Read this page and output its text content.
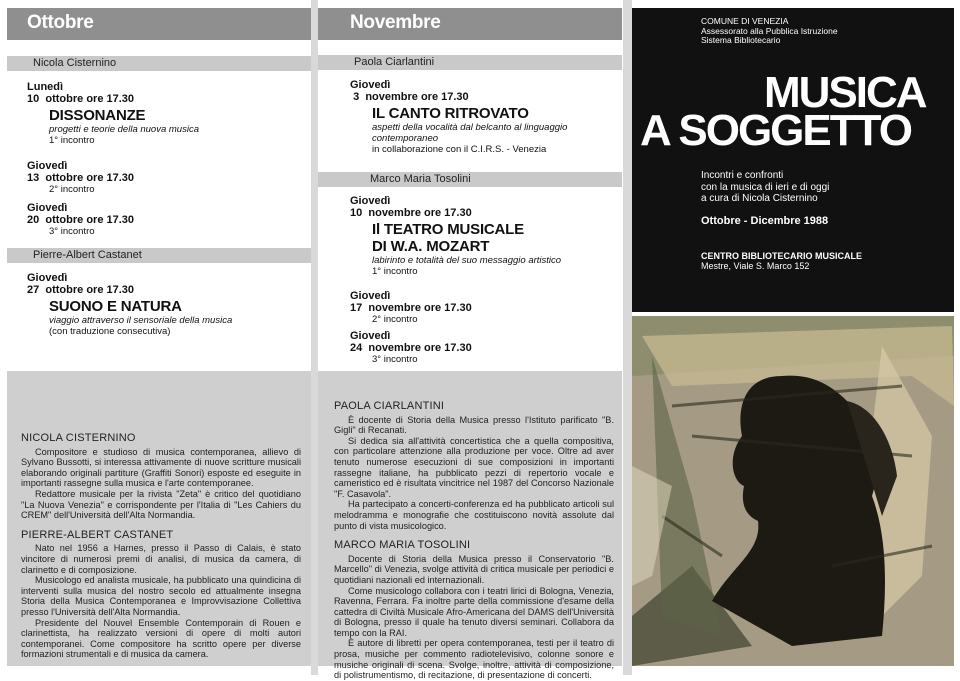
Ottobre
Nicola Cisternino
Lunedì
10 ottobre ore 17.30
DISSONANZE
progetti e teorie della nuova musica
1° incontro
Giovedì
13 ottobre ore 17.30
2° incontro
Giovedì
20 ottobre ore 17.30
3° incontro
Pierre-Albert Castanet
Giovedì
27 ottobre ore 17.30
SUONO E NATURA
viaggio attraverso il sensoriale della musica
(con traduzione consecutiva)
NICOLA CISTERNINO

Compositore e studioso di musica contemporanea, allievo di Sylvano Bussotti, si interessa attivamente di nuove scritture musicali elaborando originali partiture (Graffiti Sonori) esposte ed eseguite in importanti rassegne sulla musica e l'arte contemporanee.

Redattore musicale per la rivista "Zeta" è critico del quotidiano "La Nuova Venezia" e corrispondente per l'Italia di "Les Cahiers du CREM" dell'Università dell'Alta Normandia.

PIERRE-ALBERT CASTANET

Nato nel 1956 a Harnes, presso il Passo di Calais, è stato vincitore di numerosi premi di analisi, di musica da camera, di clarinetto e di composizione.

Musicologo ed analista musicale, ha pubblicato una quindicina di interventi sulla musica del nostro secolo ed attualmente insegna Storia della Musica Contemporanea e Improvvisazione Collettiva presso l'Università dell'Alta Normandia.

Presidente del Nouvel Ensemble Contemporain di Rouen e clarinettista, ha realizzato versioni di opere di molti autori contemporanei. Come compositore ha scritto opere per diverse formazioni strumentali e di musica da camera.

Novembre
Paola Ciarlantini
Giovedì
3 novembre ore 17.30
IL CANTO RITROVATO
aspetti della vocalità dal belcanto al linguaggio contemporaneo
in collaborazione con il C.I.R.S. - Venezia
Marco Maria Tosolini
Giovedì
10 novembre ore 17.30
Il TEATRO MUSICALE
DI W.A. MOZART
labirinto e totalità del suo messaggio artistico
1° incontro
Giovedì
17 novembre ore 17.30
2° incontro
Giovedì
24 novembre ore 17.30
3° incontro
PAOLA CIARLANTINI

È docente di Storia della Musica presso l'Istituto parificato "B. Gigli" di Recanati.

Si dedica sia all'attività concertistica che a quella compositiva, con particolare attenzione alla produzione per voce. Oltre ad aver tenuto numerose esecuzioni di sue composizioni in importanti rassegne italiane, ha pubblicato pezzi di repertorio vocale e cameristico ed è risultata vincitrice nel 1987 del Concorso Nazionale "F. Casavola".

Ha partecipato a concerti-conferenza ed ha pubblicato articoli sul melodramma e monografie che costituiscono novità assolute dal punto di vista musicologico.

MARCO MARIA TOSOLINI

Docente di Storia della Musica presso il Conservatorio "B. Marcello" di Venezia, svolge attività di critica musicale per periodici e quotidiani nazionali ed internazionali.

Come musicologo collabora con i teatri lirici di Bologna, Venezia, Ravenna, Ferrara. Fa inoltre parte della commissione d'esame della cattedra di Civiltà Musicale Afro-Americana del DAMS dell'Università di Bologna, presso il quale ha tenuto diversi seminari. Collabora da tempo con la RAI.

È autore di libretti per opera contemporanea, testi per il teatro di prosa, musiche per commento radiotelevisivo, colonne sonore e musiche originali di scena. Svolge, inoltre, attività di composizione, di polistrumentismo, di recitazione, di presentazione di concerti.

COMUNE DI VENEZIA
Assessorato alla Pubblica Istruzione
Sistema Bibliotecario
MUSICA
A SOGGETTO
Incontri e confronti
con la musica di ieri e di oggi
a cura di Nicola Cisternino
Ottobre - Dicembre 1988
CENTRO BIBLIOTECARIO MUSICALE
Mestre, Viale S. Marco 152
